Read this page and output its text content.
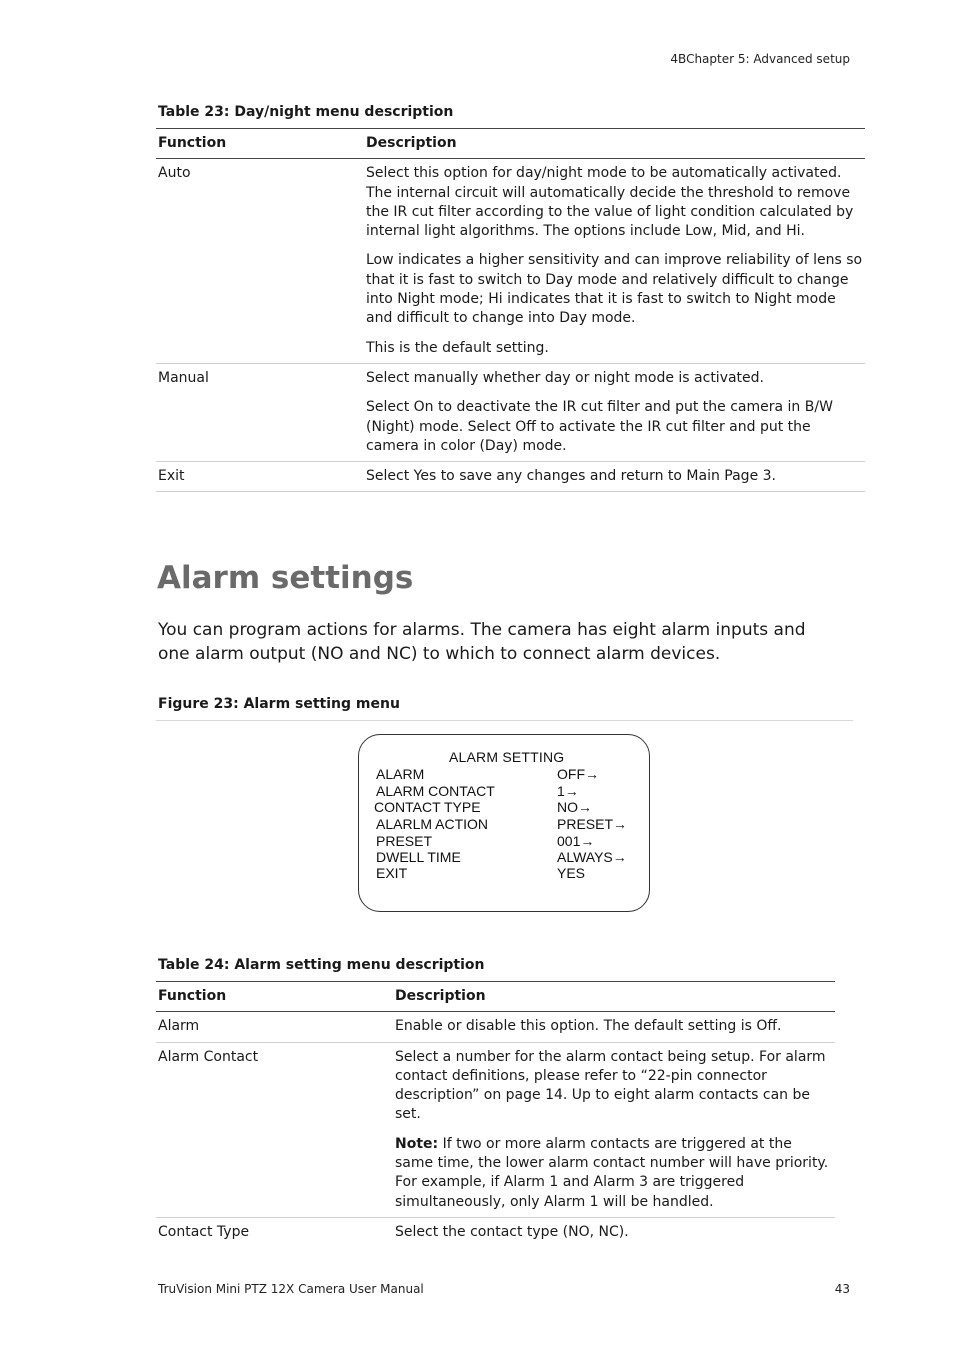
4BChapter 5: Advanced setup
Table 23: Day/night menu description
Function	Description
Auto	Select this option for day/night mode to be automatically activated. The internal circuit will automatically decide the threshold to remove the IR cut filter according to the value of light condition calculated by internal light algorithms. The options include Low, Mid, and Hi.

Low indicates a higher sensitivity and can improve reliability of lens so that it is fast to switch to Day mode and relatively difficult to change into Night mode; Hi indicates that it is fast to switch to Night mode and difficult to change into Day mode.

This is the default setting.

Manual	Select manually whether day or night mode is activated.

Select On to deactivate the IR cut filter and put the camera in B/W (Night) mode. Select Off to activate the IR cut filter and put the camera in color (Day) mode.

Exit	Select Yes to save any changes and return to Main Page 3.

Alarm settings

You can program actions for alarms. The camera has eight alarm inputs and one alarm output (NO and NC) to which to connect alarm devices.

Figure 23: Alarm setting menu
ALARM SETTING
ALARM	OFF→
ALARM CONTACT	1→
CONTACT TYPE	NO→
ALARLM ACTION	PRESET→
PRESET	001→
DWELL TIME	ALWAYS→
EXIT	YES
Table 24: Alarm setting menu description
Function	Description
Alarm	Enable or disable this option. The default setting is Off.

Alarm Contact	Select a number for the alarm contact being setup. For alarm contact definitions, please refer to “22-pin connector description” on page 14. Up to eight alarm contacts can be set.

Note: If two or more alarm contacts are triggered at the same time, the lower alarm contact number will have priority. For example, if Alarm 1 and Alarm 3 are triggered simultaneously, only Alarm 1 will be handled.

Contact Type	Select the contact type (NO, NC).

TruVision Mini PTZ 12X Camera User Manual	43
